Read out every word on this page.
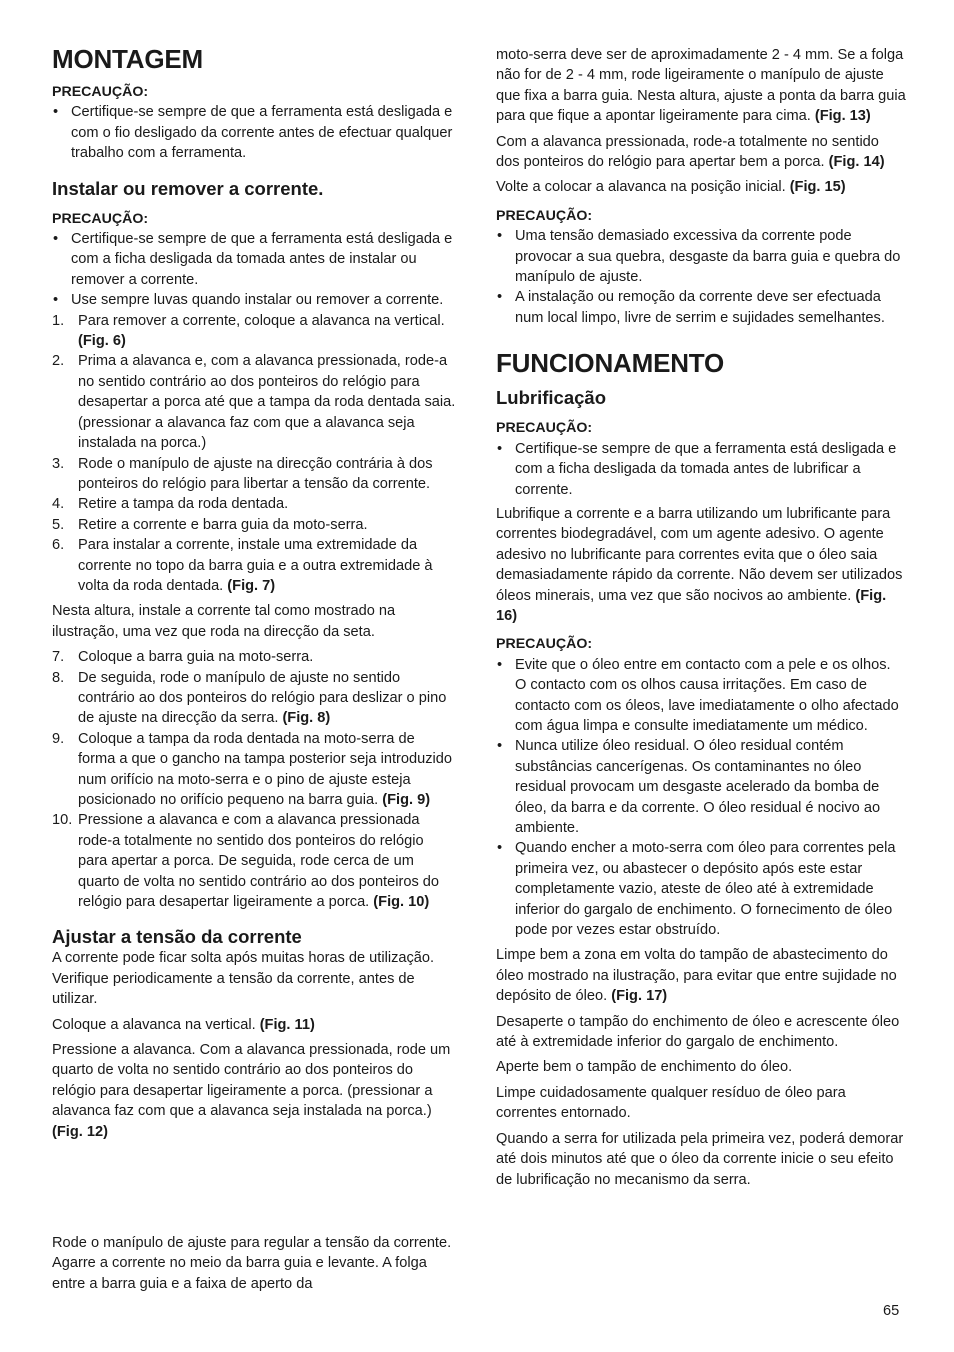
MONTAGEM
PRECAUÇÃO:
• Certifique-se sempre de que a ferramenta está desligada e com o fio desligado da corrente antes de efectuar qualquer trabalho com a ferramenta.
Instalar ou remover a corrente.
PRECAUÇÃO:
• Certifique-se sempre de que a ferramenta está desligada e com a ficha desligada da tomada antes de instalar ou remover a corrente.
• Use sempre luvas quando instalar ou remover a corrente.
1. Para remover a corrente, coloque a alavanca na vertical. (Fig. 6)
2. Prima a alavanca e, com a alavanca pressionada, rode-a no sentido contrário ao dos ponteiros do relógio para desapertar a porca até que a tampa da roda dentada saia. (pressionar a alavanca faz com que a alavanca seja instalada na porca.)
3. Rode o manípulo de ajuste na direcção contrária à dos ponteiros do relógio para libertar a tensão da corrente.
4. Retire a tampa da roda dentada.
5. Retire a corrente e barra guia da moto-serra.
6. Para instalar a corrente, instale uma extremidade da corrente no topo da barra guia e a outra extremidade à volta da roda dentada. (Fig. 7)

Nesta altura, instale a corrente tal como mostrado na ilustração, uma vez que roda na direcção da seta.

7. Coloque a barra guia na moto-serra.
8. De seguida, rode o manípulo de ajuste no sentido contrário ao dos ponteiros do relógio para deslizar o pino de ajuste na direcção da serra. (Fig. 8)
9. Coloque a tampa da roda dentada na moto-serra de forma a que o gancho na tampa posterior seja introduzido num orifício na moto-serra e o pino de ajuste esteja posicionado no orifício pequeno na barra guia. (Fig. 9)
10. Pressione a alavanca e com a alavanca pressionada rode-a totalmente no sentido dos ponteiros do relógio para apertar a porca. De seguida, rode cerca de um quarto de volta no sentido contrário ao dos ponteiros do relógio para desapertar ligeiramente a porca. (Fig. 10)
Ajustar a tensão da corrente

A corrente pode ficar solta após muitas horas de utilização. Verifique periodicamente a tensão da corrente, antes de utilizar.

Coloque a alavanca na vertical. (Fig. 11)

Pressione a alavanca. Com a alavanca pressionada, rode um quarto de volta no sentido contrário ao dos ponteiros do relógio para desapertar ligeiramente a porca. (pressionar a alavanca faz com que a alavanca seja instalada na porca.) (Fig. 12)

Rode o manípulo de ajuste para regular a tensão da corrente. Agarre a corrente no meio da barra guia e levante. A folga entre a barra guia e a faixa de aperto da

moto-serra deve ser de aproximadamente 2 - 4 mm. Se a folga não for de 2 - 4 mm, rode ligeiramente o manípulo de ajuste que fixa a barra guia. Nesta altura, ajuste a ponta da barra guia para que fique a apontar ligeiramente para cima. (Fig. 13)

Com a alavanca pressionada, rode-a totalmente no sentido dos ponteiros do relógio para apertar bem a porca. (Fig. 14)

Volte a colocar a alavanca na posição inicial. (Fig. 15)

PRECAUÇÃO:
• Uma tensão demasiado excessiva da corrente pode provocar a sua quebra, desgaste da barra guia e quebra do manípulo de ajuste.
• A instalação ou remoção da corrente deve ser efectuada num local limpo, livre de serrim e sujidades semelhantes.
FUNCIONAMENTO
Lubrificação
PRECAUÇÃO:
• Certifique-se sempre de que a ferramenta está desligada e com a ficha desligada da tomada antes de lubrificar a corrente.

Lubrifique a corrente e a barra utilizando um lubrificante para correntes biodegradável, com um agente adesivo. O agente adesivo no lubrificante para correntes evita que o óleo saia demasiadamente rápido da corrente. Não devem ser utilizados óleos minerais, uma vez que são nocivos ao ambiente. (Fig. 16)

PRECAUÇÃO:
• Evite que o óleo entre em contacto com a pele e os olhos. O contacto com os olhos causa irritações. Em caso de contacto com os óleos, lave imediatamente o olho afectado com água limpa e consulte imediatamente um médico.
• Nunca utilize óleo residual. O óleo residual contém substâncias cancerígenas. Os contaminantes no óleo residual provocam um desgaste acelerado da bomba de óleo, da barra e da corrente. O óleo residual é nocivo ao ambiente.
• Quando encher a moto-serra com óleo para correntes pela primeira vez, ou abastecer o depósito após este estar completamente vazio, ateste de óleo até à extremidade inferior do gargalo de enchimento. O fornecimento de óleo pode por vezes estar obstruído.

Limpe bem a zona em volta do tampão de abastecimento do óleo mostrado na ilustração, para evitar que entre sujidade no depósito de óleo. (Fig. 17)

Desaperte o tampão do enchimento de óleo e acrescente óleo até à extremidade inferior do gargalo de enchimento.

Aperte bem o tampão de enchimento do óleo.

Limpe cuidadosamente qualquer resíduo de óleo para correntes entornado.

Quando a serra for utilizada pela primeira vez, poderá demorar até dois minutos até que o óleo da corrente inicie o seu efeito de lubrificação no mecanismo da serra.

65
